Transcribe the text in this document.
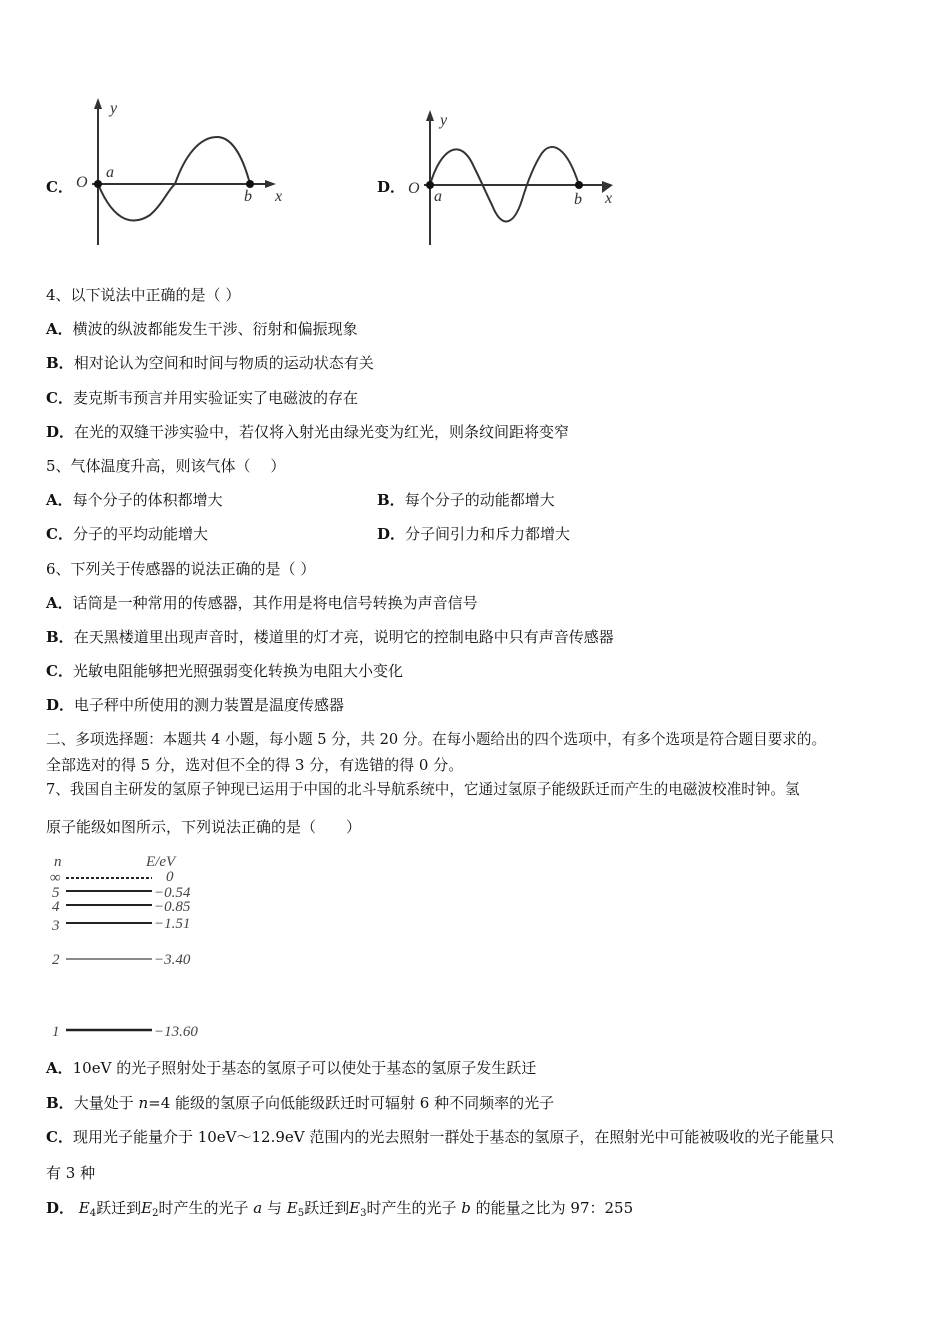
C．
y
O
a
b x
D．
y
O a	b x
4、以下说法中正确的是（ ）
A．横波的纵波都能发生干涉、衍射和偏振现象
B．相对论认为空间和时间与物质的运动状态有关
C．麦克斯韦预言并用实验证实了电磁波的存在
D．在光的双缝干涉实验中，若仅将入射光由绿光变为红光，则条纹间距将变窄
5、气体温度升高，则该气体（　 ）
A．每个分子的体积都增大	B．每个分子的动能都增大
C．分子的平均动能增大	D．分子间引力和斥力都增大
6、下列关于传感器的说法正确的是（ ）
A．话筒是一种常用的传感器，其作用是将电信号转换为声音信号
B．在天黑楼道里出现声音时，楼道里的灯才亮，说明它的控制电路中只有声音传感器
C．光敏电阻能够把光照强弱变化转换为电阻大小变化
D．电子秤中所使用的测力装置是温度传感器
二、多项选择题：本题共 4 小题，每小题 5 分，共 20 分。在每小题给出的四个选项中，有多个选项是符合题目要求的。
全部选对的得 5 分，选对但不全的得 3 分，有选错的得 0 分。
7、我国自主研发的氢原子钟现已运用于中国的北斗导航系统中，它通过氢原子能级跃迁而产生的电磁波校准时钟。氢
原子能级如图所示，下列说法正确的是（　　）
n	E/eV
∞	0
5	−0.54
4	−0.85
3	−1.51
2	−3.40
1	−13.60
A．10eV 的光子照射处于基态的氢原子可以使处于基态的氢原子发生跃迁
B．大量处于 n=4 能级的氢原子向低能级跃迁时可辐射 6 种不同频率的光子
C．现用光子能量介于 10eV～12.9eV 范围内的光去照射一群处于基态的氢原子，在照射光中可能被吸收的光子能量只
有 3 种
D． $E_4$跃迁到$E_2$时产生的光子 a 与 $E_5$跃迁到$E_3$时产生的光子 b 的能量之比为 97：255
